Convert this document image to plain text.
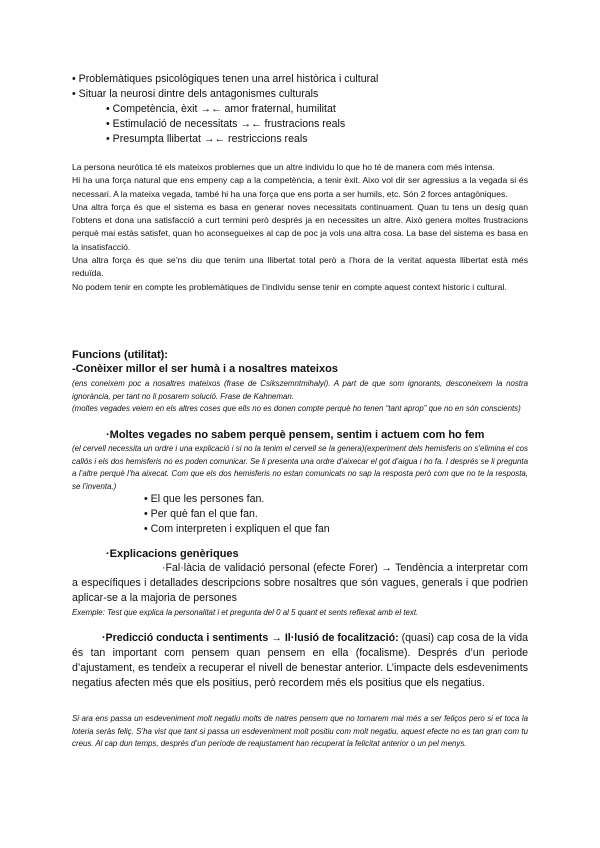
• Problemàtiques psicològiques tenen una arrel històrica i cultural
• Situar la neurosi dintre dels antagonismes culturals
• Competència, èxit →← amor fraternal, humilitat
• Estimulació de necessitats →← frustracions reals
• Presumpta llibertat →← restriccions reals

La persona neuròtica té els mateixos problemes que un altre individu lo que ho té de manera com més intensa.

Hi ha una força natural que ens empeny cap a la competència, a tenir èxit. Aixo vol dir ser agressius a la vegada si és necessari. A la mateixa vegada, també hi ha una força que ens porta a ser humils, etc. Són 2 forces antagòniques.

Una altra força és que el sistema es basa en generar noves necessitats continuament. Quan tu tens un desig quan l’obtens et dona una satisfacció a curt termini però després ja en necessites un altre. Això genera moltes frustracions perquè mai estàs satisfet, quan ho aconsegueixes al cap de poc ja vols una altra cosa. La base del sistema es basa en la insatisfacció.

Una altra força és que se’ns diu que tenim una llibertat total però a l’hora de la veritat aquesta llibertat està més reduïda.

No podem tenir en compte les problemàtiques de l’individu sense tenir en compte aquest context historic i cultural.

Funcions (utilitat):
-Conèixer millor el ser humà i a nosaltres mateixos

(ens coneixem poc a nosaltres mateixos (frase de Csikszemntmihalyi). A part de que som ignorants, desconeixem la nostra ignorància, per tant no li posarem solució. Frase de Kahneman.

(moltes vegades veiem en els altres coses que ells no es donen compte perquè ho tenen “tant aprop” que no en són conscients)

·Moltes vegades no sabem perquè pensem, sentim i actuem com ho fem

(el cervell necessita un ordre i una explicació i si no la tenim el cervell se la genera)(experiment dels hemisferis on s’elimina el cos callós i els dos hemisferis no es poden comunicar. Se li presenta una ordre d’aixecar el got d’aigua i ho fa. I després se li pregunta a l’altre perquè l’ha aixecat. Com que els dos hemisferis no estan comunicats no sap la resposta però com que no te la resposta, se l’inventa.)

• El que les persones fan.
• Per què fan el que fan.
• Com interpreten i expliquen el que fan
·Explicacions genèriques
·Fal·làcia de validació personal (efecte Forer) → Tendència a interpretar com a específiques i detallades descripcions sobre nosaltres que són vagues, generals i que podrien aplicar-se a la majoria de persones
Exemple: Test que explica la personalitat i et pregunta del 0 al 5 quant et sents reflexat amb el text.
·Predicció conducta i sentiments → Il·lusió de focalització: (quasi) cap cosa de la vida és tan important com pensem quan pensem en ella (focalisme). Després d’un perìode d’ajustament, es tendeix a recuperar el nivell de benestar anterior. L’impacte dels esdeveniments negatius afecten més que els positius, però recordem més els positius que els negatius.

Si ara ens passa un esdeveniment molt negatiu molts de natres pensem que no tornarem mai més a ser feliços pero si et toca la loteria seràs feliç. S’ha vist que tant si passa un esdeveniment molt positiu com molt negatiu, aquest efecte no es tan gran com tu creus. Al cap dun temps, després d’un període de reajustament han recuperat la felicitat anterior o un pel menys.
